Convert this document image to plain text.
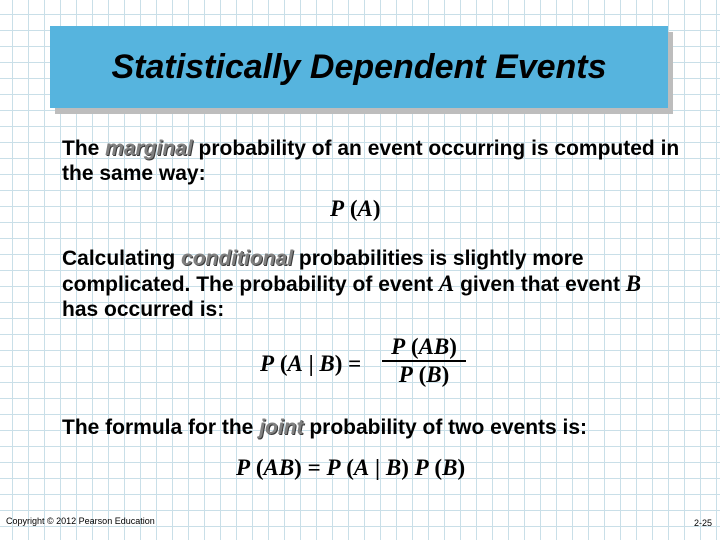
Statistically Dependent Events
The marginal probability of an event occurring is computed in the same way:
P (A)
Calculating conditional probabilities is slightly more complicated. The probability of event A given that event B has occurred is:
P (A | B) =
P (AB)
P (B)
The formula for the joint probability of two events is:
P (AB) = P (A | B) P (B)
Copyright © 2012 Pearson Education	2-25
